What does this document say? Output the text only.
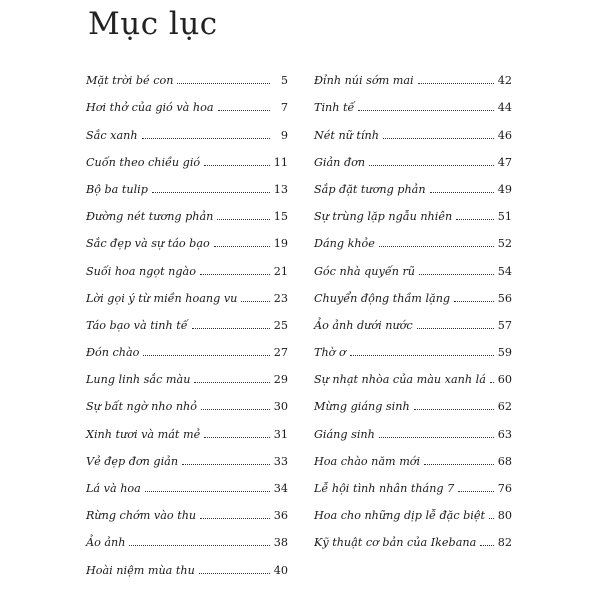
Mục lục
Mặt trời bé con	5
Hơi thở của gió và hoa	7
Sắc xanh	9
Cuốn theo chiều gió	11
Bộ ba tulip	13
Đường nét tương phản	15
Sắc đẹp và sự táo bạo	19
Suối hoa ngọt ngào	21
Lời gọi ý từ miền hoang vu	23
Táo bạo và tinh tế	25
Đón chào	27
Lung linh sắc màu	29
Sự bất ngờ nho nhỏ	30
Xinh tươi và mát mẻ	31
Vẻ đẹp đơn giản	33
Lá và hoa	34
Rừng chớm vào thu	36
Ảo ảnh	38
Hoài niệm mùa thu	40
Đỉnh núi sớm mai	42
Tinh tế	44
Nét nữ tính	46
Giản đơn	47
Sắp đặt tương phản	49
Sự trùng lặp ngẫu nhiên	51
Dáng khỏe	52
Góc nhà quyến rũ	54
Chuyển động thầm lặng	56
Ảo ảnh dưới nước	57
Thờ ơ	59
Sự nhạt nhòa của màu xanh lá 60
Mừng giáng sinh	62
Giáng sinh	63
Hoa chào năm mới	68
Lễ hội tình nhân tháng 7	76
Hoa cho những dịp lễ đặc biệt 80
Kỹ thuật cơ bản của Ikebana 82
